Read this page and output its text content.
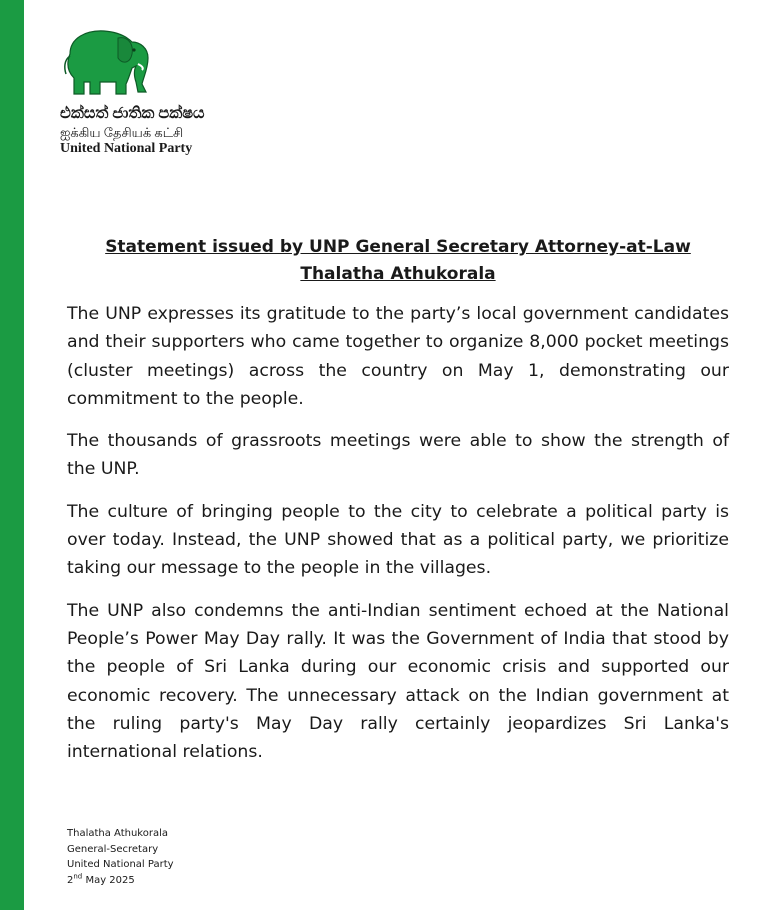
එක්සත් ජාතික පක්ෂය
ஐக்கிய தேசியக் கட்சி
United National Party
Statement issued by UNP General Secretary Attorney-at-Law Thalatha Athukorala

The UNP expresses its gratitude to the party’s local government candidates and their supporters who came together to organize 8,000 pocket meetings (cluster meetings) across the country on May 1, demonstrating our commitment to the people.

The thousands of grassroots meetings were able to show the strength of the UNP.

The culture of bringing people to the city to celebrate a political party is over today. Instead, the UNP showed that as a political party, we prioritize taking our message to the people in the villages.

The UNP also condemns the anti-Indian sentiment echoed at the National People’s Power May Day rally. It was the Government of India that stood by the people of Sri Lanka during our economic crisis and supported our economic recovery. The unnecessary attack on the Indian government at the ruling party's May Day rally certainly jeopardizes Sri Lanka's international relations.

Thalatha Athukorala
General-Secretary
United National Party
2nd May 2025
